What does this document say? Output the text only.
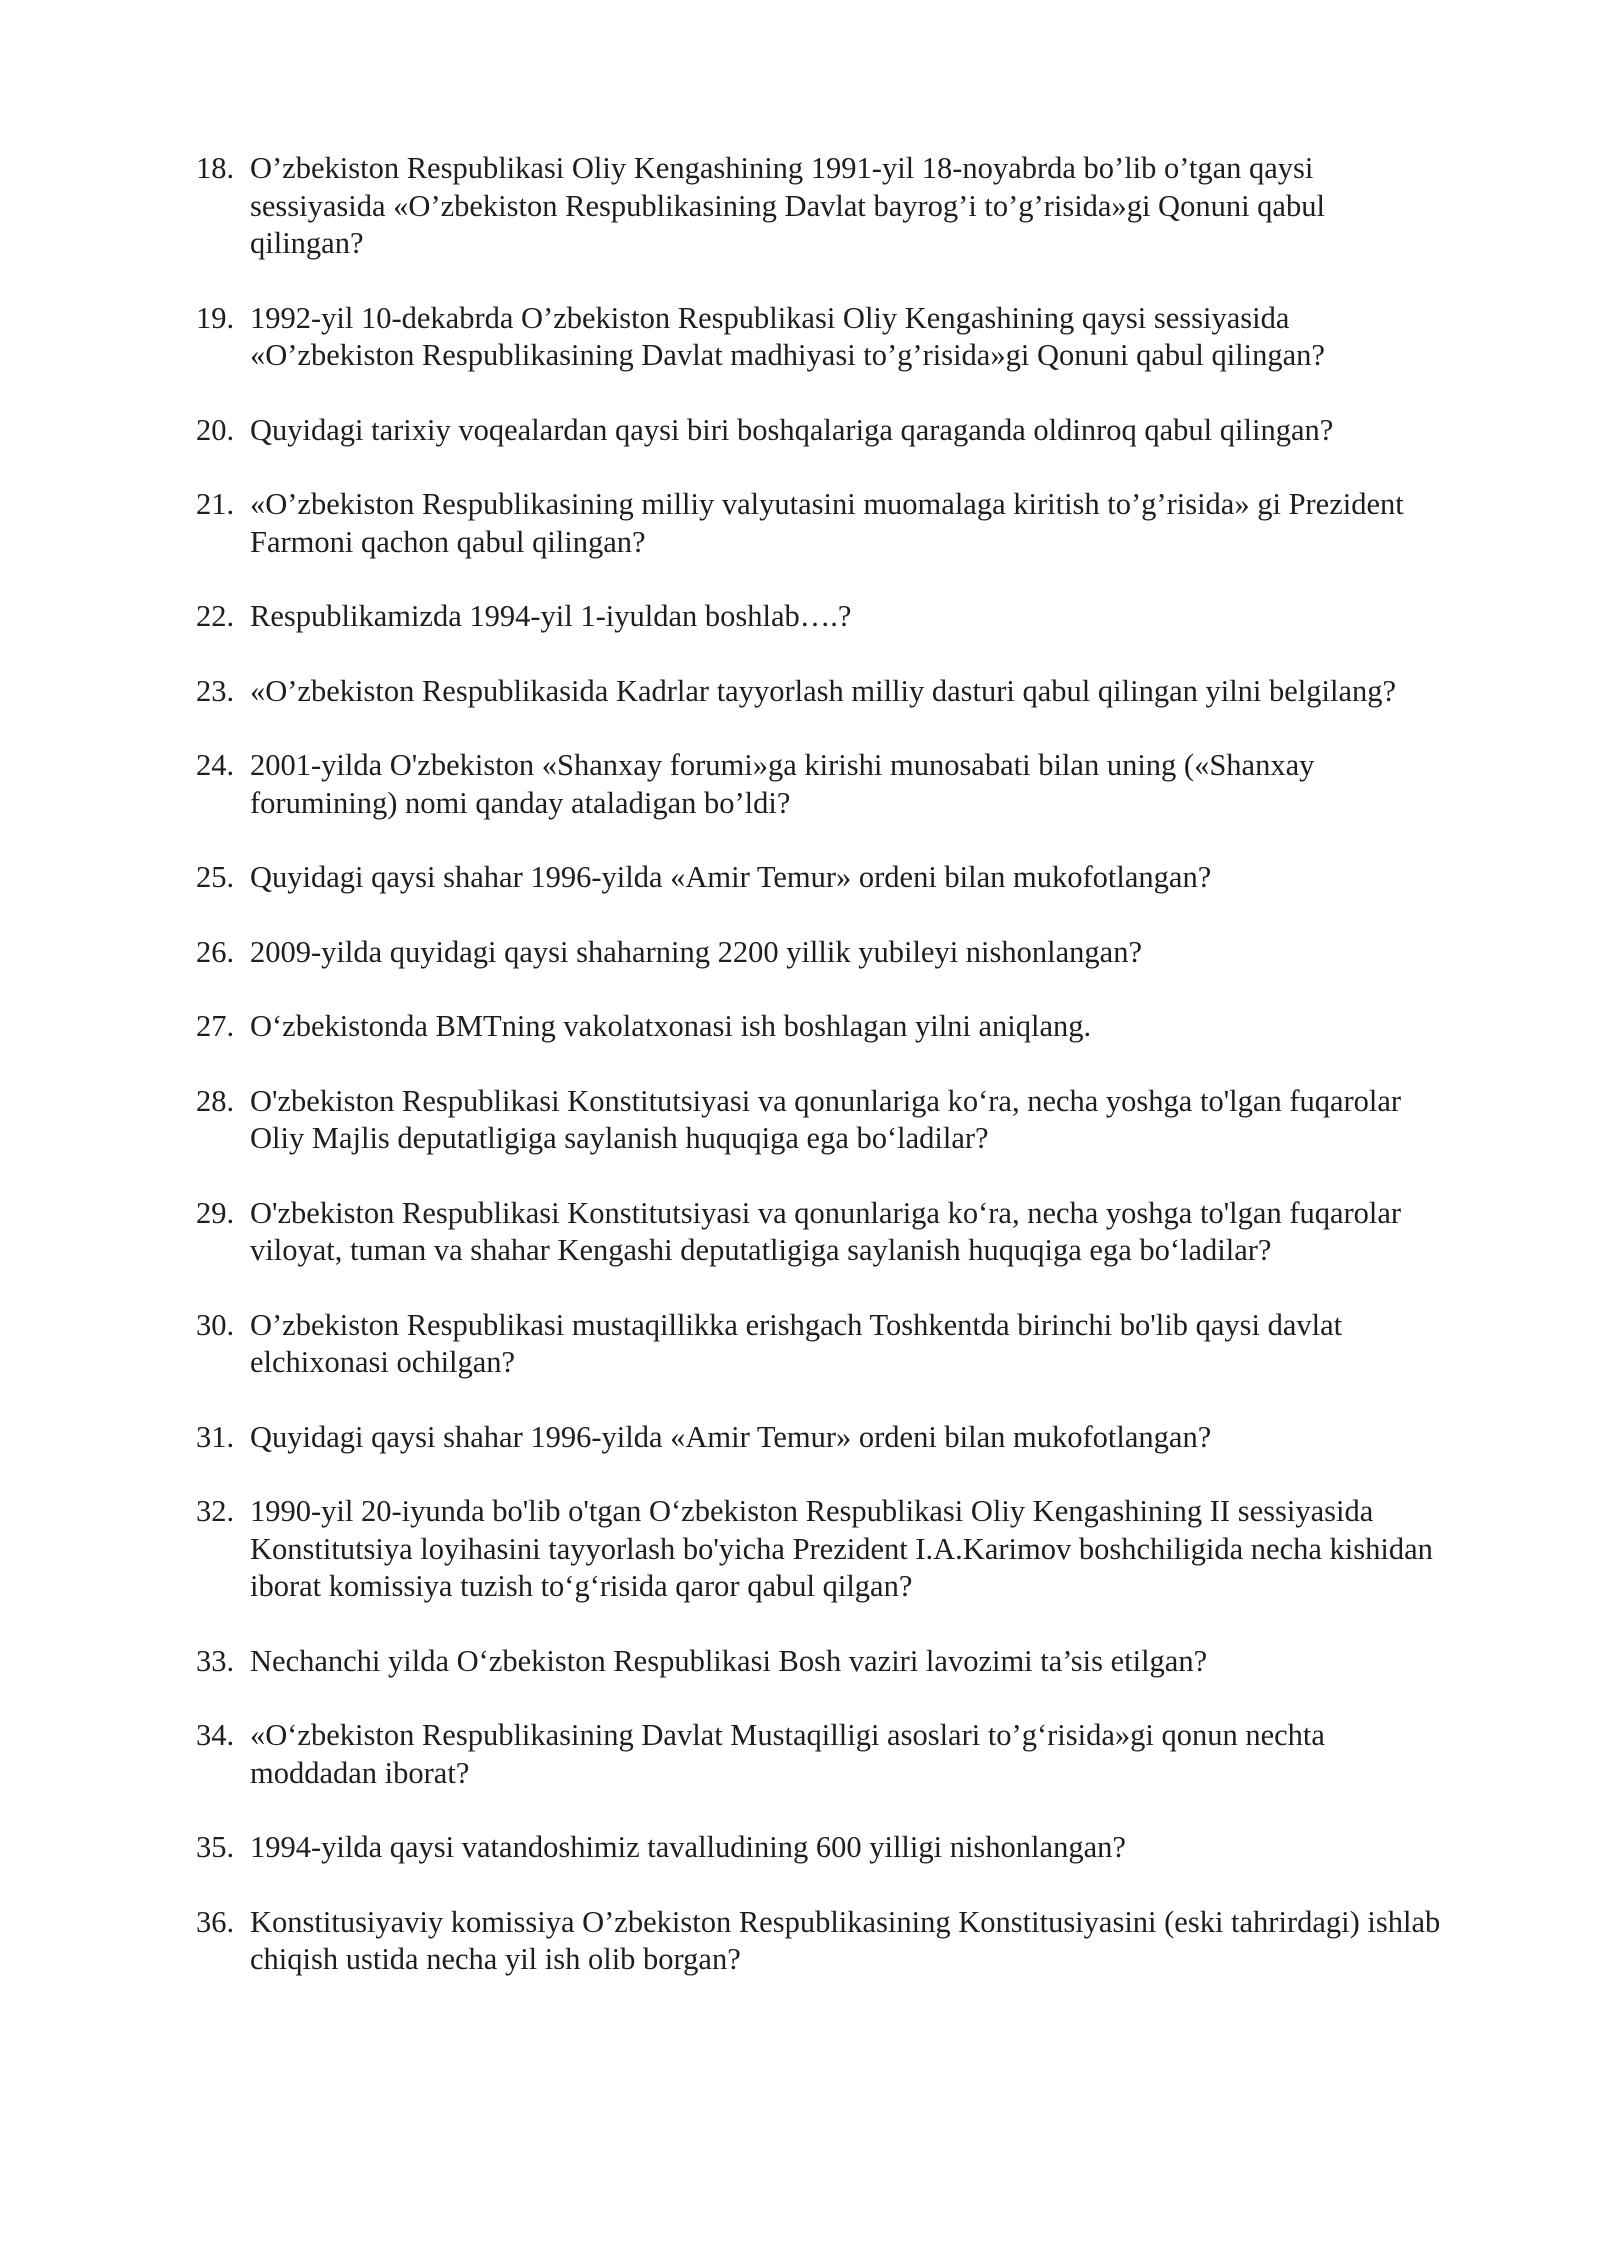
18. O’zbekiston Respublikasi Oliy Kengashining 1991-yil 18-noyabrda bo’lib o’tgan qaysi sessiyasida «O’zbekiston Respublikasining Davlat bayrog’i to’g’risida»gi Qonuni qabul qilingan?
19. 1992-yil 10-dekabrda O’zbekiston Respublikasi Oliy Kengashining qaysi sessiyasida «O’zbekiston Respublikasining Davlat madhiyasi to’g’risida»gi Qonuni qabul qilingan?
20. Quyidagi tarixiy voqealardan qaysi biri boshqalariga qaraganda oldinroq qabul qilingan?
21. «O’zbekiston Respublikasining milliy valyutasini muomalaga kiritish to’g’risida» gi Prezident Farmoni qachon qabul qilingan?
22. Respublikamizda 1994-yil 1-iyuldan boshlab….?
23. «O’zbekiston Respublikasida Kadrlar tayyorlash milliy dasturi qabul qilingan yilni belgilang?
24. 2001-yilda O'zbekiston «Shanxay forumi»ga kirishi munosabati bilan uning («Shanxay forumining) nomi qanday ataladigan bo’ldi?
25. Quyidagi qaysi shahar 1996-yilda «Amir Temur» ordeni bilan mukofotlangan?
26. 2009-yilda quyidagi qaysi shaharning 2200 yillik yubileyi nishonlangan?
27. O‘zbekistonda BMTning vakolatxonasi ish boshlagan yilni aniqlang.
28. O'zbekiston Respublikasi Konstitutsiyasi va qonunlariga ko‘ra, necha yoshga to'lgan fuqarolar Oliy Majlis deputatligiga saylanish huquqiga ega bo‘ladilar?
29. O'zbekiston Respublikasi Konstitutsiyasi va qonunlariga ko‘ra, necha yoshga to'lgan fuqarolar viloyat, tuman va shahar Kengashi deputatligiga saylanish huquqiga ega bo‘ladilar?
30. O’zbekiston Respublikasi mustaqillikka erishgach Toshkentda birinchi bo'lib qaysi davlat elchixonasi ochilgan?
31. Quyidagi qaysi shahar 1996-yilda «Amir Temur» ordeni bilan mukofotlangan?
32. 1990-yil 20-iyunda bo'lib o'tgan O‘zbekiston Respublikasi Oliy Kengashining II sessiyasida Konstitutsiya loyihasini tayyorlash bo'yicha Prezident I.A.Karimov boshchiligida necha kishidan iborat komissiya tuzish to‘g‘risida qaror qabul qilgan?
33. Nechanchi yilda O‘zbekiston Respublikasi Bosh vaziri lavozimi ta’sis etilgan?
34. «O‘zbekiston Respublikasining Davlat Mustaqilligi asoslari to’g‘risida»gi qonun nechta moddadan iborat?
35. 1994-yilda qaysi vatandoshimiz tavalludining 600 yilligi nishonlangan?
36. Konstitusiyaviy komissiya O’zbekiston Respublikasining Konstitusiyasini (eski tahrirdagi) ishlab chiqish ustida necha yil ish olib borgan?
